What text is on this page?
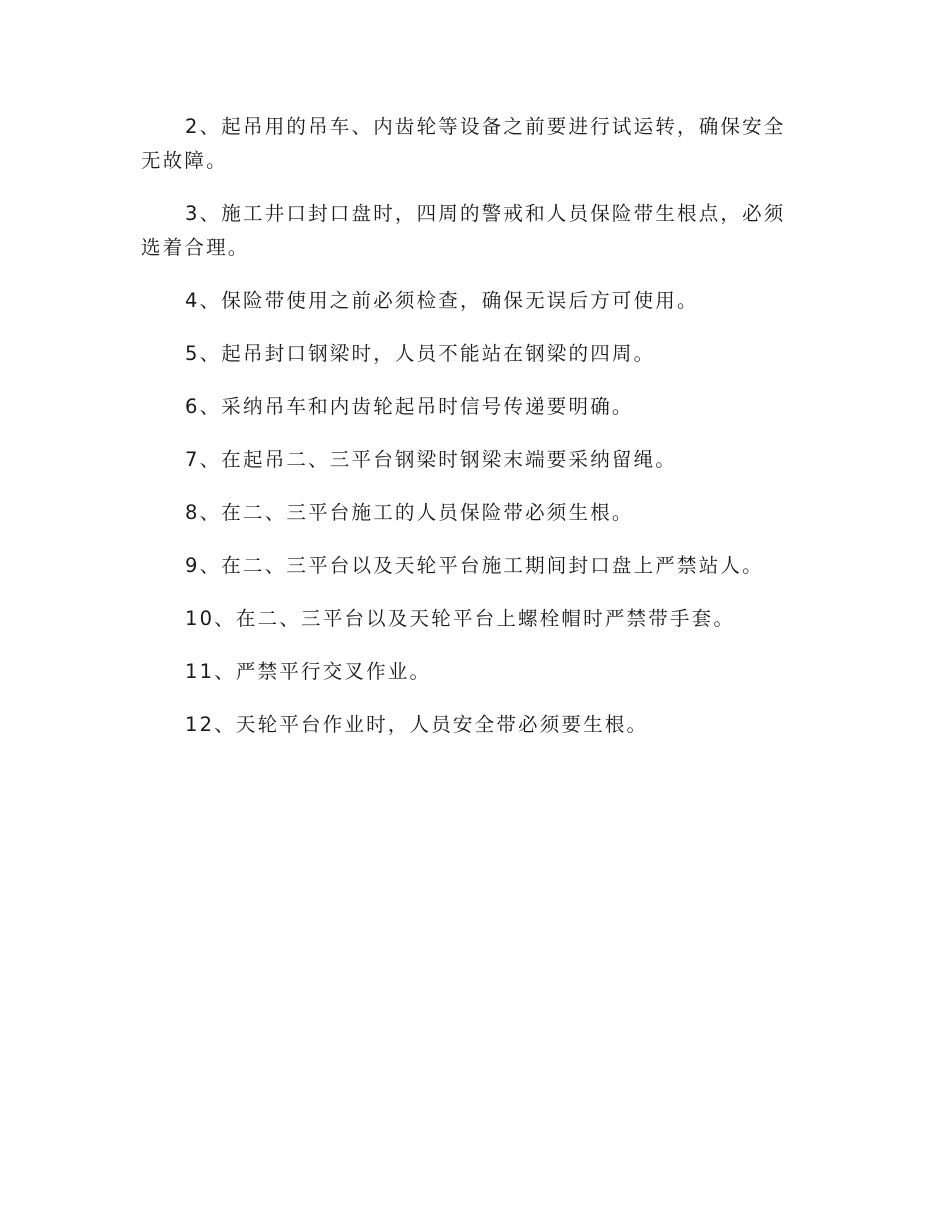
2、起吊用的吊车、内齿轮等设备之前要进行试运转，确保安全无故障。

3、施工井口封口盘时，四周的警戒和人员保险带生根点，必须选着合理。

4、保险带使用之前必须检查，确保无误后方可使用。

5、起吊封口钢梁时，人员不能站在钢梁的四周。

6、采纳吊车和内齿轮起吊时信号传递要明确。

7、在起吊二、三平台钢梁时钢梁末端要采纳留绳。

8、在二、三平台施工的人员保险带必须生根。

9、在二、三平台以及天轮平台施工期间封口盘上严禁站人。

10、在二、三平台以及天轮平台上螺栓帽时严禁带手套。

11、严禁平行交叉作业。

12、天轮平台作业时，人员安全带必须要生根。
